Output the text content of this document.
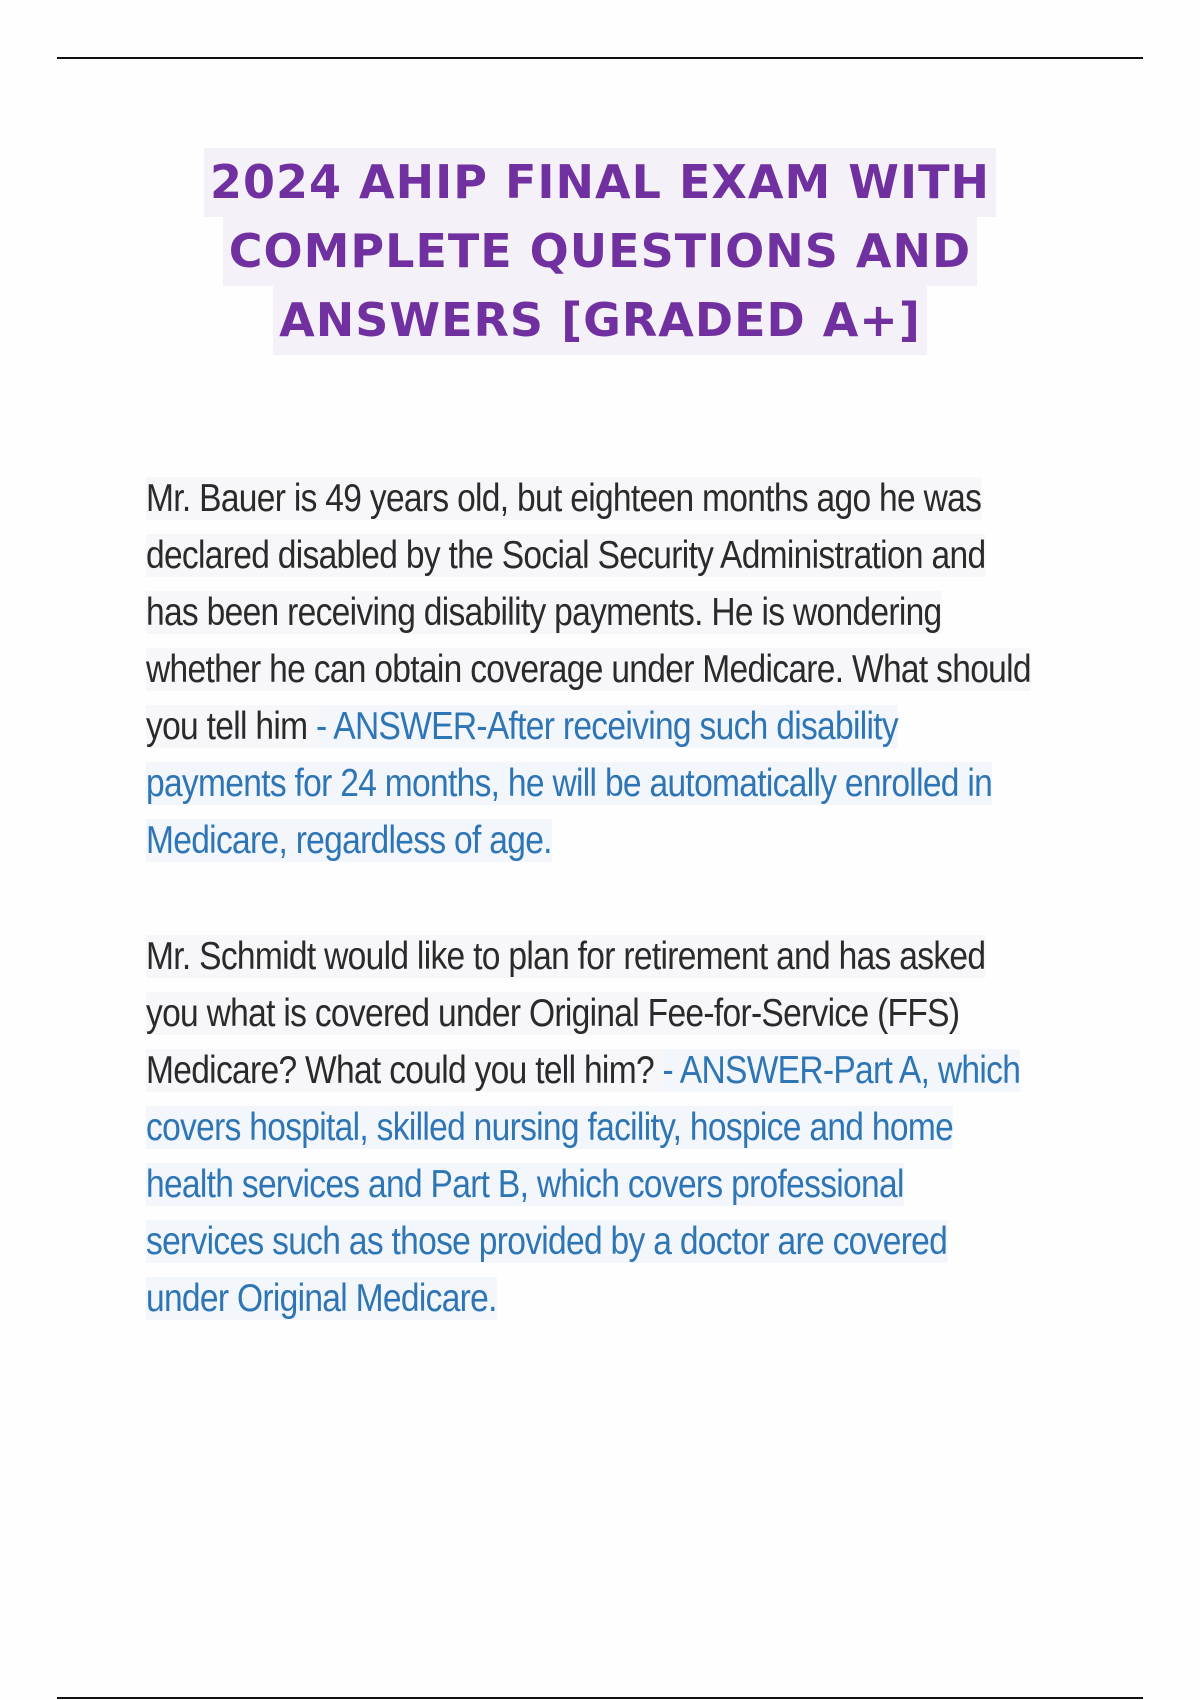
2024 AHIP FINAL EXAM WITH
COMPLETE QUESTIONS AND
ANSWERS [GRADED A+]
Mr. Bauer is 49 years old, but eighteen months ago he was
declared disabled by the Social Security Administration and
has been receiving disability payments. He is wondering
whether he can obtain coverage under Medicare. What should
you tell him - ANSWER-After receiving such disability
payments for 24 months, he will be automatically enrolled in
Medicare, regardless of age.
Mr. Schmidt would like to plan for retirement and has asked
you what is covered under Original Fee-for-Service (FFS)
Medicare? What could you tell him? - ANSWER-Part A, which
covers hospital, skilled nursing facility, hospice and home
health services and Part B, which covers professional
services such as those provided by a doctor are covered
under Original Medicare.
